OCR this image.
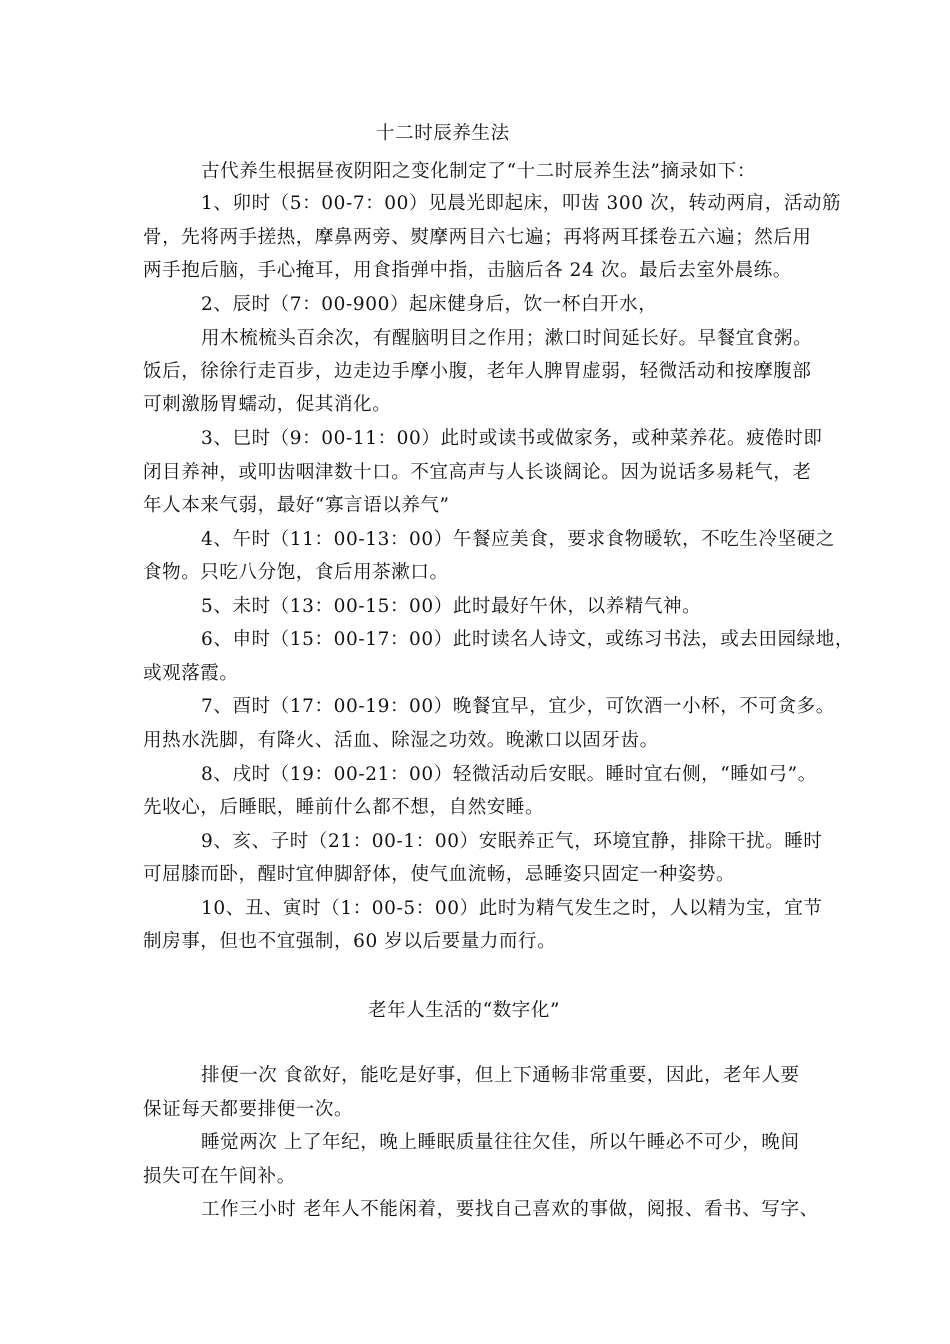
十二时辰养生法
古代养生根据昼夜阴阳之变化制定了“十二时辰养生法”摘录如下：
1、卯时（5：00-7：00）见晨光即起床，叩齿 300 次，转动两肩，活动筋
骨，先将两手搓热，摩鼻两旁、熨摩两目六七遍；再将两耳揉卷五六遍；然后用
两手抱后脑，手心掩耳，用食指弹中指，击脑后各 24 次。最后去室外晨练。
2、辰时（7：00-900）起床健身后，饮一杯白开水，
用木梳梳头百余次，有醒脑明目之作用；漱口时间延长好。早餐宜食粥。
饭后，徐徐行走百步，边走边手摩小腹，老年人脾胃虚弱，轻微活动和按摩腹部
可刺激肠胃蠕动，促其消化。
3、巳时（9：00-11：00）此时或读书或做家务，或种菜养花。疲倦时即
闭目养神，或叩齿咽津数十口。不宜高声与人长谈阔论。因为说话多易耗气，老
年人本来气弱，最好“寡言语以养气”
4、午时（11：00-13：00）午餐应美食，要求食物暖软，不吃生冷坚硬之
食物。只吃八分饱，食后用茶漱口。
5、未时（13：00-15：00）此时最好午休，以养精气神。
6、申时（15：00-17：00）此时读名人诗文，或练习书法，或去田园绿地，
或观落霞。
7、酉时（17：00-19：00）晚餐宜早，宜少，可饮酒一小杯，不可贪多。
用热水洗脚，有降火、活血、除湿之功效。晚漱口以固牙齿。
8、戌时（19：00-21：00）轻微活动后安眠。睡时宜右侧，“睡如弓”。
先收心，后睡眠，睡前什么都不想，自然安睡。
9、亥、子时（21：00-1：00）安眠养正气，环境宜静，排除干扰。睡时
可屈膝而卧，醒时宜伸脚舒体，使气血流畅，忌睡姿只固定一种姿势。
10、丑、寅时（1：00-5：00）此时为精气发生之时，人以精为宝，宜节
制房事，但也不宜强制，60 岁以后要量力而行。
老年人生活的“数字化”
排便一次 食欲好，能吃是好事，但上下通畅非常重要，因此，老年人要
保证每天都要排便一次。
睡觉两次 上了年纪，晚上睡眠质量往往欠佳，所以午睡必不可少，晚间
损失可在午间补。
工作三小时 老年人不能闲着，要找自己喜欢的事做，阅报、看书、写字、
